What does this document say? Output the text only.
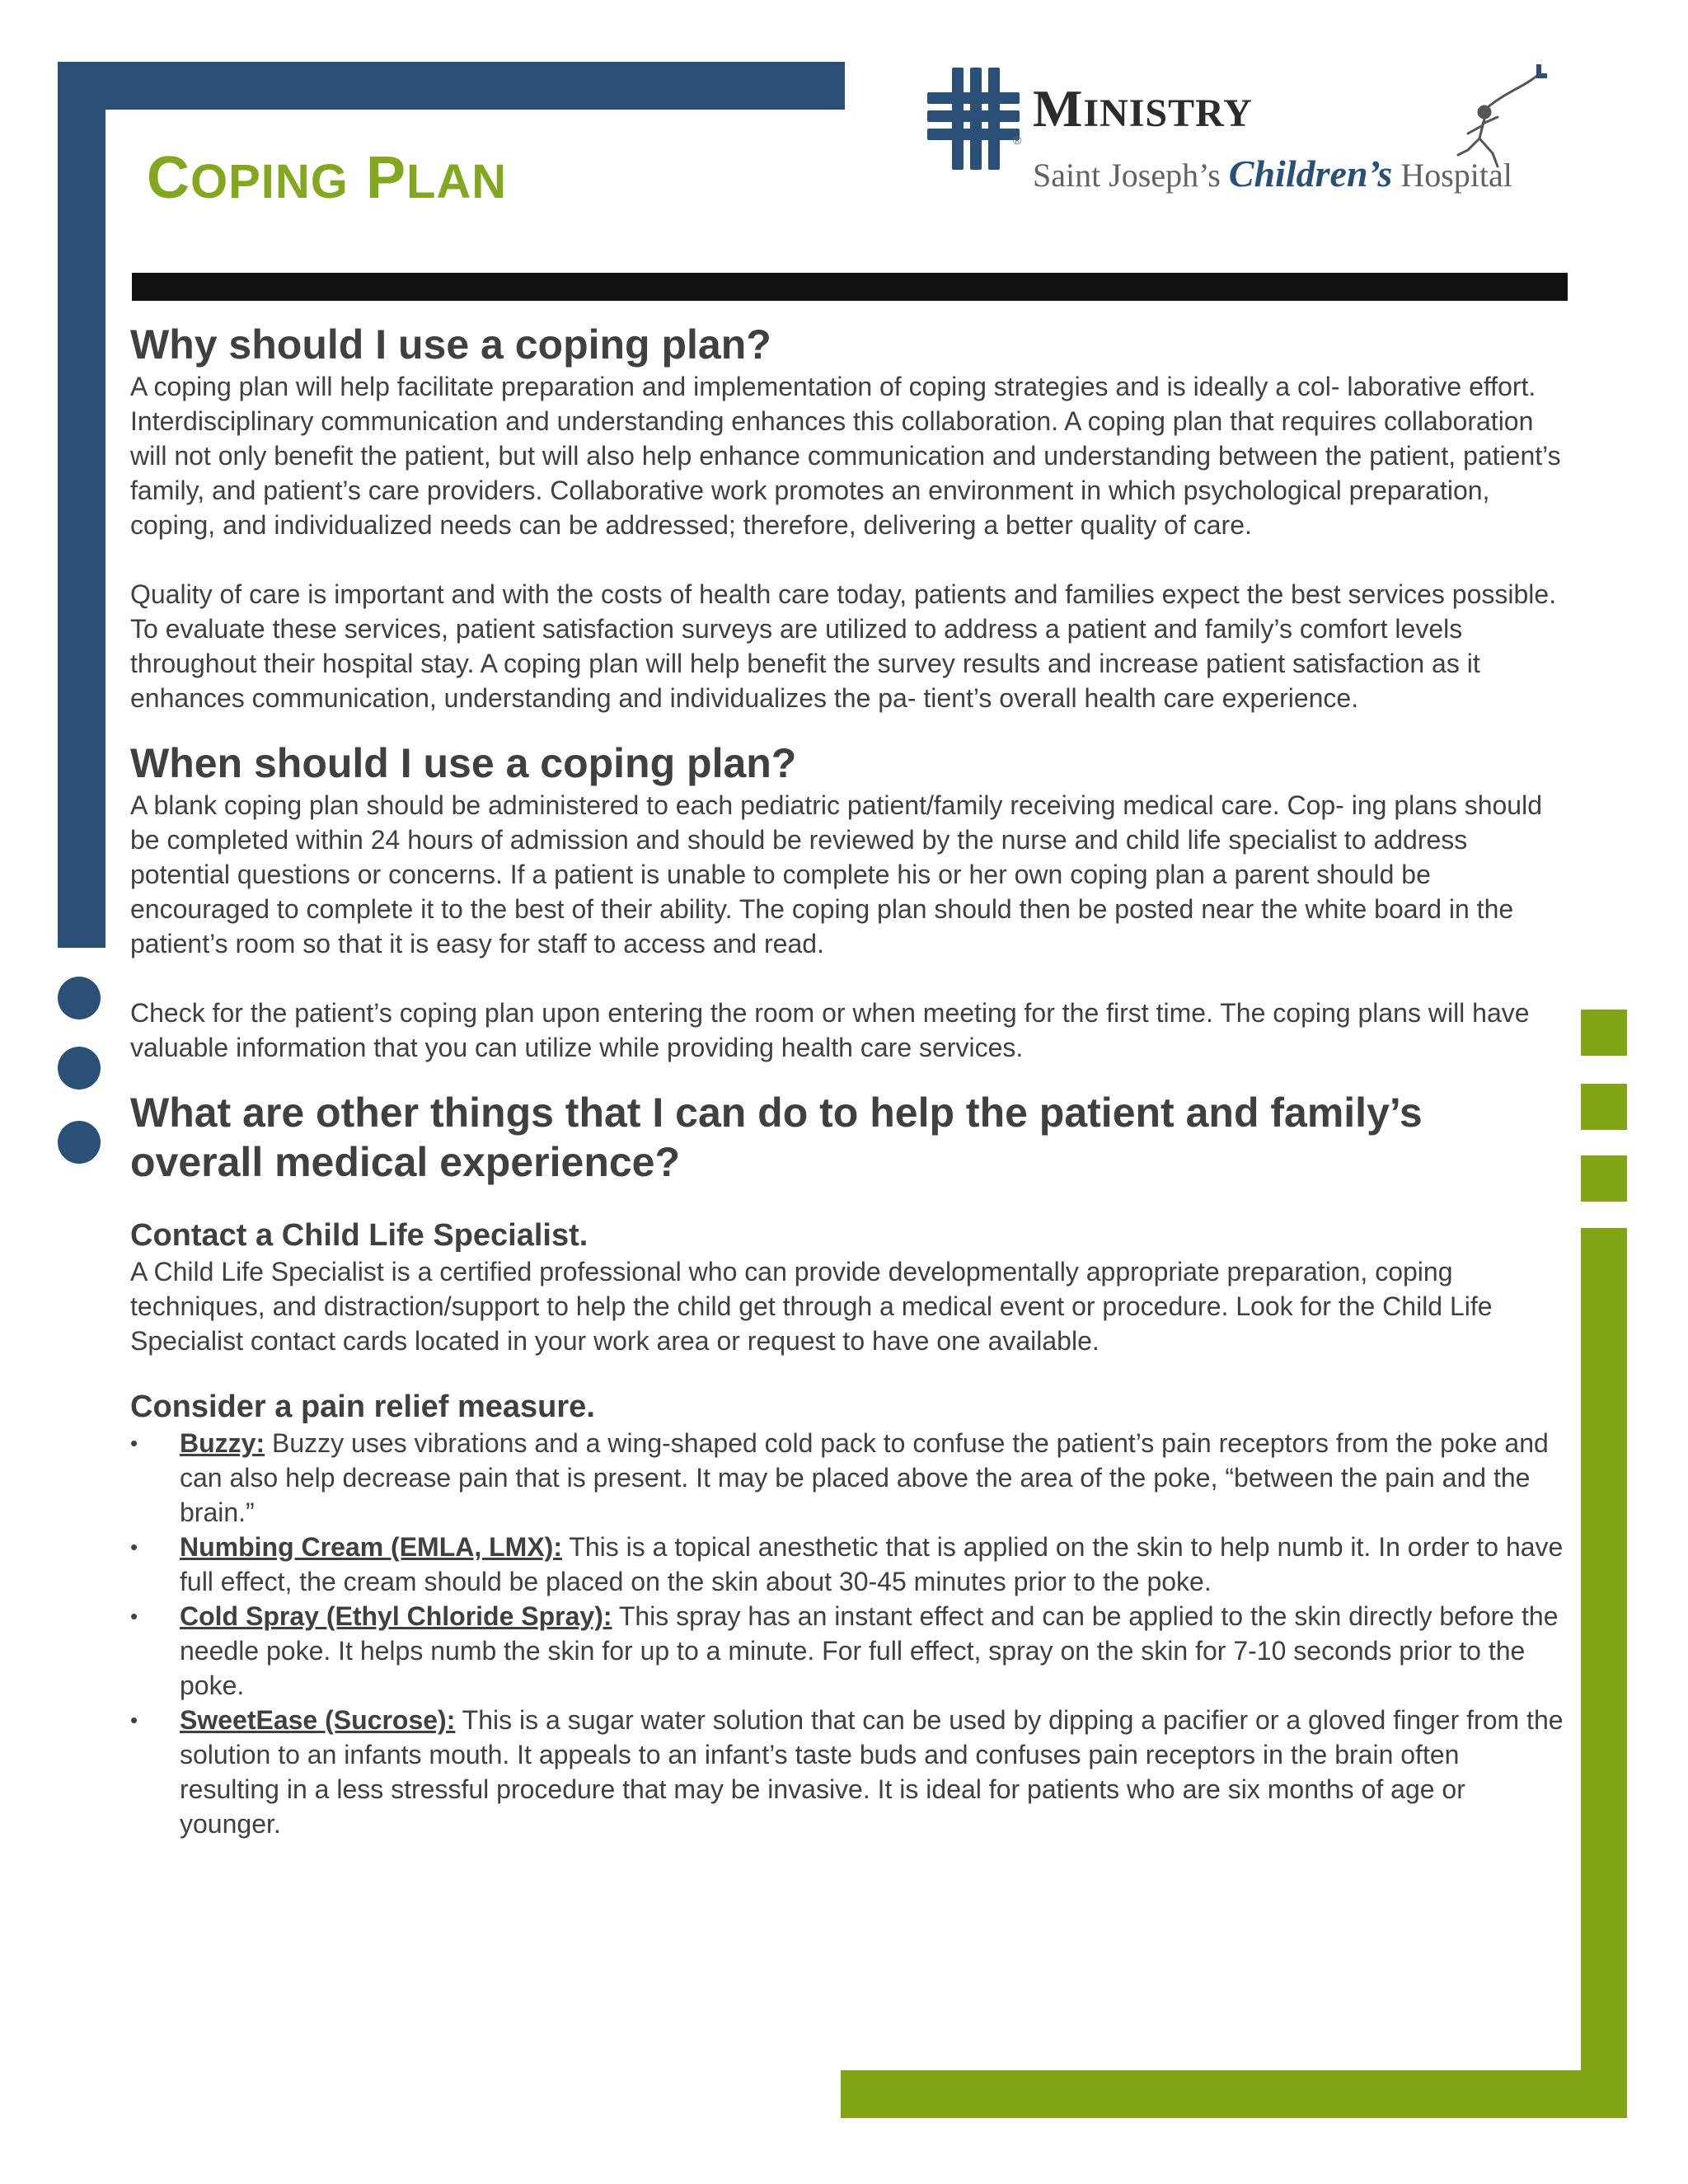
COPING PLAN
®
MINISTRY
Saint Joseph’s Children’s Hospital
Why should I use a coping plan?

A coping plan will help facilitate preparation and implementation of coping strategies and is ideally a col- laborative effort. Interdisciplinary communication and understanding enhances this collaboration. A coping plan that requires collaboration will not only benefit the patient, but will also help enhance communication and understanding between the patient, patient’s family, and patient’s care providers. Collaborative work promotes an environment in which psychological preparation, coping, and individualized needs can be addressed; therefore, delivering a better quality of care.

Quality of care is important and with the costs of health care today, patients and families expect the best services possible. To evaluate these services, patient satisfaction surveys are utilized to address a patient and family’s comfort levels throughout their hospital stay. A coping plan will help benefit the survey results and increase patient satisfaction as it enhances communication, understanding and individualizes the pa- tient’s overall health care experience.

When should I use a coping plan?

A blank coping plan should be administered to each pediatric patient/family receiving medical care. Cop- ing plans should be completed within 24 hours of admission and should be reviewed by the nurse and child life specialist to address potential questions or concerns. If a patient is unable to complete his or her own coping plan a parent should be encouraged to complete it to the best of their ability. The coping plan should then be posted near the white board in the patient’s room so that it is easy for staff to access and read.

Check for the patient’s coping plan upon entering the room or when meeting for the first time. The coping plans will have valuable information that you can utilize while providing health care services.

What are other things that I can do to help the patient and family’s overall medical experience?
Contact a Child Life Specialist.

A Child Life Specialist is a certified professional who can provide developmentally appropriate preparation, coping techniques, and distraction/support to help the child get through a medical event or procedure. Look for the Child Life Specialist contact cards located in your work area or request to have one available.

Consider a pain relief measure.
• Buzzy: Buzzy uses vibrations and a wing-shaped cold pack to confuse the patient’s pain receptors from the poke and can also help decrease pain that is present. It may be placed above the area of the poke, “between the pain and the brain.”
• Numbing Cream (EMLA, LMX): This is a topical anesthetic that is applied on the skin to help numb it. In order to have full effect, the cream should be placed on the skin about 30-45 minutes prior to the poke.
• Cold Spray (Ethyl Chloride Spray): This spray has an instant effect and can be applied to the skin directly before the needle poke. It helps numb the skin for up to a minute. For full effect, spray on the skin for 7-10 seconds prior to the poke.
• SweetEase (Sucrose): This is a sugar water solution that can be used by dipping a pacifier or a gloved finger from the solution to an infants mouth. It appeals to an infant’s taste buds and confuses pain receptors in the brain often resulting in a less stressful procedure that may be invasive. It is ideal for patients who are six months of age or younger.
